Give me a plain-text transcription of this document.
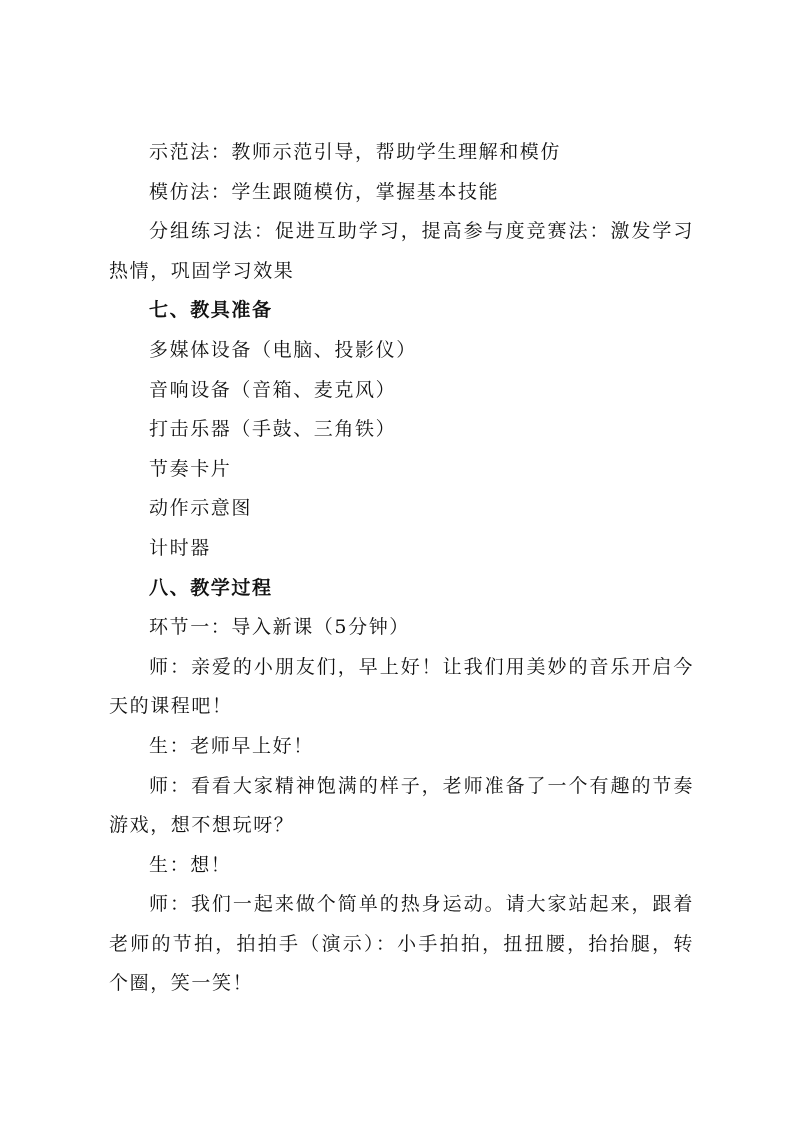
示范法：教师示范引导，帮助学生理解和模仿

模仿法：学生跟随模仿，掌握基本技能

分组练习法：促进互助学习，提高参与度竞赛法：激发学习热情，巩固学习效果

七、教具准备

多媒体设备（电脑、投影仪）

音响设备（音箱、麦克风）

打击乐器（手鼓、三角铁）

节奏卡片

动作示意图

计时器

八、教学过程

环节一：导入新课（5分钟）

师：亲爱的小朋友们，早上好！让我们用美妙的音乐开启今天的课程吧！

生：老师早上好！

师：看看大家精神饱满的样子，老师准备了一个有趣的节奏游戏，想不想玩呀？

生：想！

师：我们一起来做个简单的热身运动。请大家站起来，跟着老师的节拍，拍拍手（演示）：小手拍拍，扭扭腰，抬抬腿，转个圈，笑一笑！
